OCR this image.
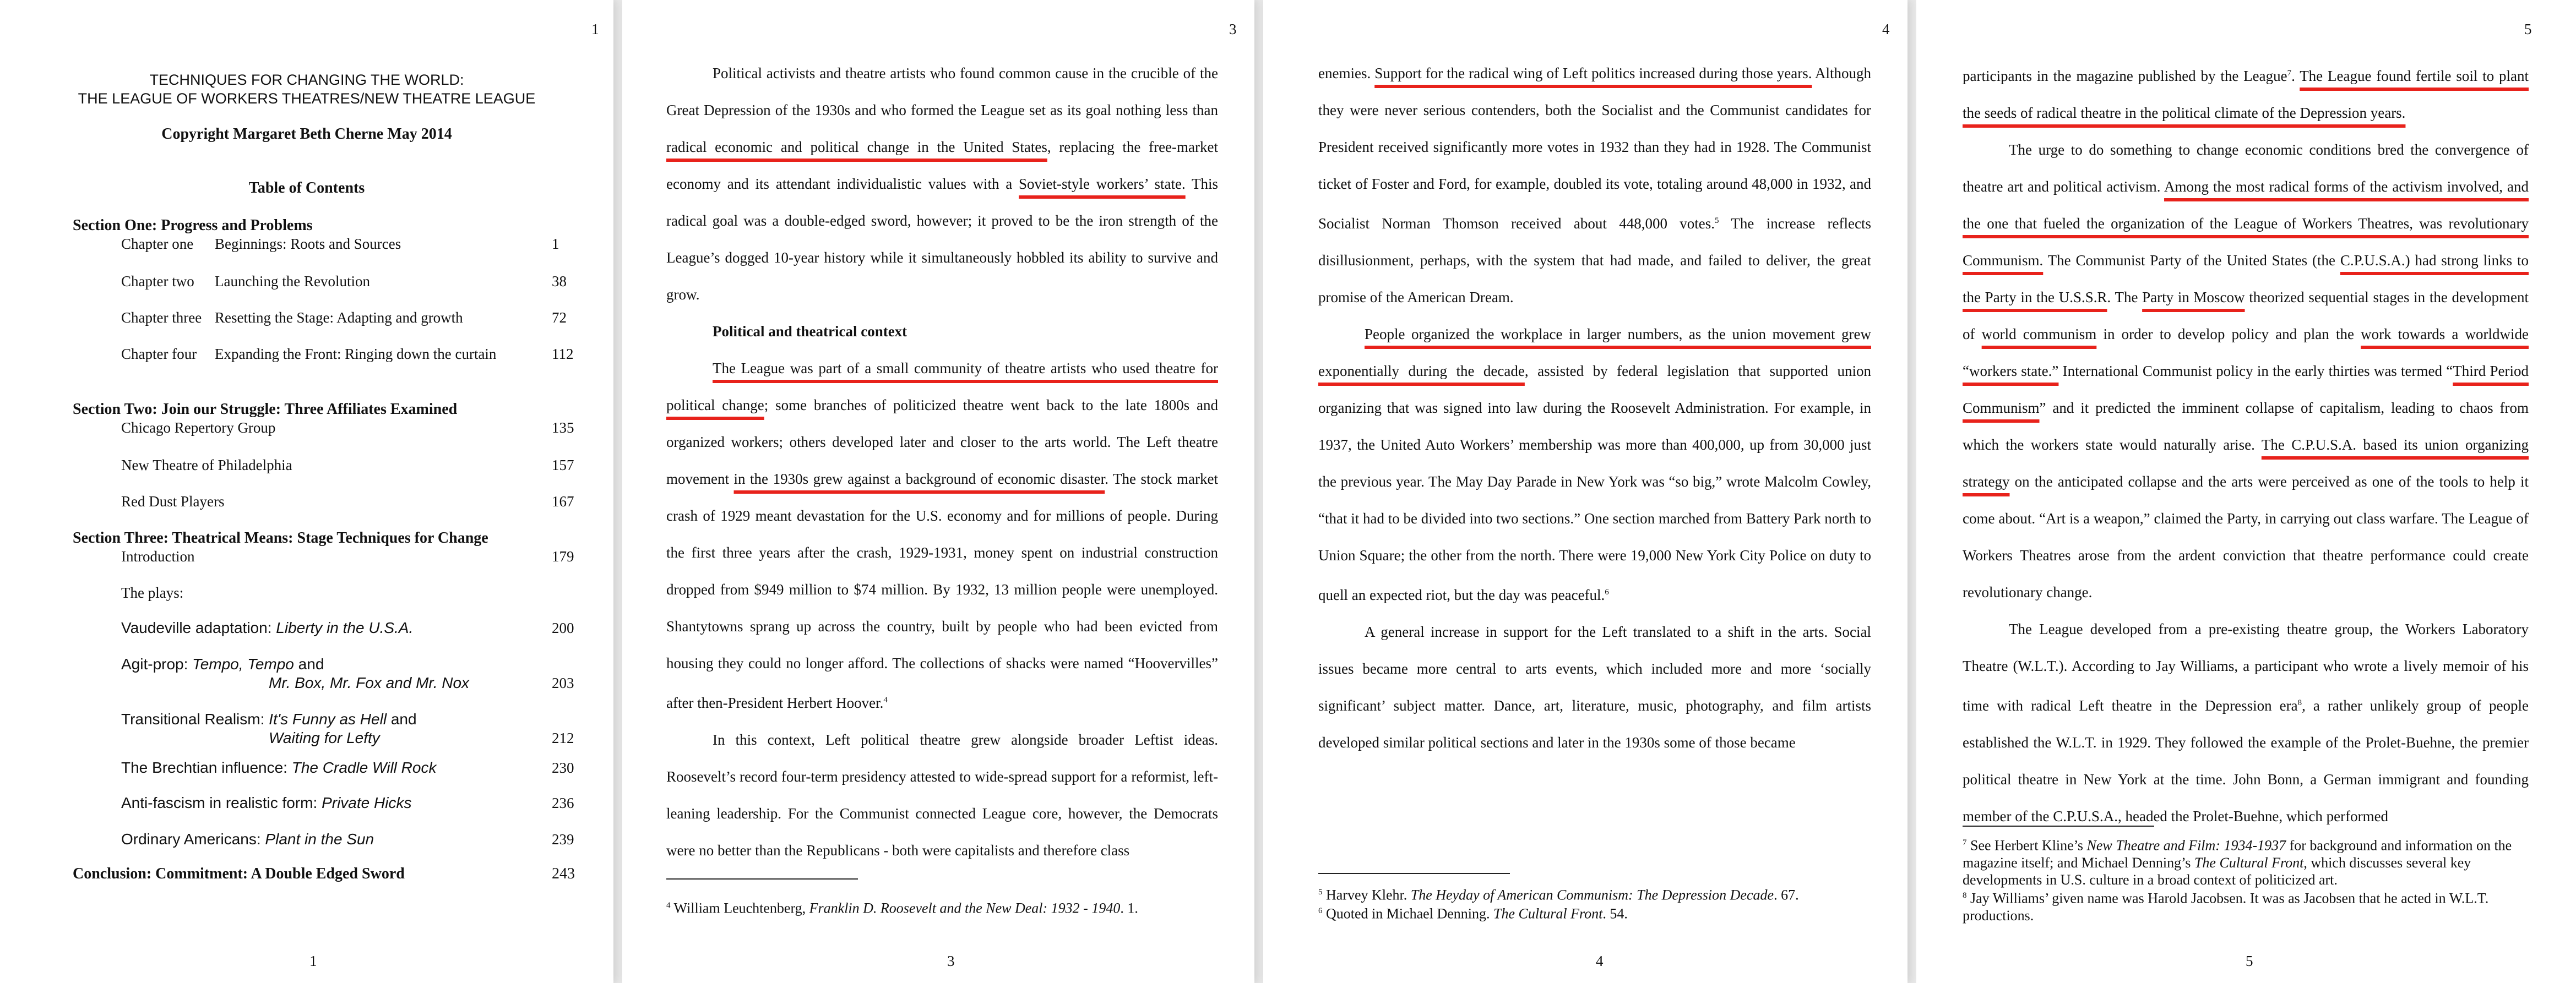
1
TECHNIQUES FOR CHANGING THE WORLD:
THE LEAGUE OF WORKERS THEATRES/NEW THEATRE LEAGUE
Copyright Margaret Beth Cherne May 2014
Table of Contents
Section One: Progress and Problems
Chapter one Beginnings: Roots and Sources	1
Chapter two Launching the Revolution	38
Chapter three Resetting the Stage: Adapting and growth	72
Chapter four Expanding the Front: Ringing down the curtain	112
Section Two: Join our Struggle: Three Affiliates Examined
Chicago Repertory Group	135
New Theatre of Philadelphia	157
Red Dust Players	167
Section Three: Theatrical Means: Stage Techniques for Change
Introduction	179
The plays:
Vaudeville adaptation: Liberty in the U.S.A.	200
Agit-prop: Tempo, Tempo and
Mr. Box, Mr. Fox and Mr. Nox	203
Transitional Realism: It's Funny as Hell and
Waiting for Lefty	212
The Brechtian influence: The Cradle Will Rock	230
Anti-fascism in realistic form: Private Hicks	236
Ordinary Americans: Plant in the Sun	239
Conclusion: Commitment: A Double Edged Sword	243
1
3

Political activists and theatre artists who found common cause in the crucible of the Great Depression of the 1930s and who formed the League set as its goal nothing less than radical economic and political change in the United States, replacing the free-market economy and its attendant individualistic values with a Soviet-style workers’ state. This radical goal was a double-edged sword, however; it proved to be the iron strength of the League’s dogged 10-year history while it simultaneously hobbled its ability to survive and grow.

Political and theatrical context

The League was part of a small community of theatre artists who used theatre for political change; some branches of politicized theatre went back to the late 1800s and organized workers; others developed later and closer to the arts world. The Left theatre movement in the 1930s grew against a background of economic disaster. The stock market crash of 1929 meant devastation for the U.S. economy and for millions of people. During the first three years after the crash, 1929-1931, money spent on industrial construction dropped from $949 million to $74 million. By 1932, 13 million people were unemployed. Shantytowns sprang up across the country, built by people who had been evicted from housing they could no longer afford. The collections of shacks were named “Hoovervilles” after then-President Herbert Hoover.$^4$

In this context, Left political theatre grew alongside broader Leftist ideas. Roosevelt’s record four-term presidency attested to wide-spread support for a reformist, left-leaning leadership. For the Communist connected League core, however, the Democrats were no better than the Republicans - both were capitalists and therefore class

$^4$ William Leuchtenberg, Franklin D. Roosevelt and the New Deal: 1932 - 1940. 1.
3
4

enemies. Support for the radical wing of Left politics increased during those years. Although they were never serious contenders, both the Socialist and the Communist candidates for President received significantly more votes in 1932 than they had in 1928. The Communist ticket of Foster and Ford, for example, doubled its vote, totaling around 48,000 in 1932, and Socialist Norman Thomson received about 448,000 votes.$^5$ The increase reflects disillusionment, perhaps, with the system that had made, and failed to deliver, the great promise of the American Dream.

People organized the workplace in larger numbers, as the union movement grew exponentially during the decade, assisted by federal legislation that supported union organizing that was signed into law during the Roosevelt Administration. For example, in 1937, the United Auto Workers’ membership was more than 400,000, up from 30,000 just the previous year. The May Day Parade in New York was “so big,” wrote Malcolm Cowley, “that it had to be divided into two sections.” One section marched from Battery Park north to Union Square; the other from the north. There were 19,000 New York City Police on duty to quell an expected riot, but the day was peaceful.$^6$

A general increase in support for the Left translated to a shift in the arts. Social issues became more central to arts events, which included more and more ‘socially significant’ subject matter. Dance, art, literature, music, photography, and film artists developed similar political sections and later in the 1930s some of those became

$^5$ Harvey Klehr. The Heyday of American Communism: The Depression Decade. 67.
$^6$ Quoted in Michael Denning. The Cultural Front. 54.
4
5

participants in the magazine published by the League$^7$. The League found fertile soil to plant the seeds of radical theatre in the political climate of the Depression years.

The urge to do something to change economic conditions bred the convergence of theatre art and political activism. Among the most radical forms of the activism involved, and the one that fueled the organization of the League of Workers Theatres, was revolutionary Communism. The Communist Party of the United States (the C.P.U.S.A.) had strong links to the Party in the U.S.S.R. The Party in Moscow theorized sequential stages in the development of world communism in order to develop policy and plan the work towards a worldwide “workers state.” International Communist policy in the early thirties was termed “Third Period Communism” and it predicted the imminent collapse of capitalism, leading to chaos from which the workers state would naturally arise. The C.P.U.S.A. based its union organizing strategy on the anticipated collapse and the arts were perceived as one of the tools to help it come about. “Art is a weapon,” claimed the Party, in carrying out class warfare. The League of Workers Theatres arose from the ardent conviction that theatre performance could create revolutionary change.

The League developed from a pre-existing theatre group, the Workers Laboratory Theatre (W.L.T.). According to Jay Williams, a participant who wrote a lively memoir of his time with radical Left theatre in the Depression era$^8$, a rather unlikely group of people established the W.L.T. in 1929. They followed the example of the Prolet-Buehne, the premier political theatre in New York at the time. John Bonn, a German immigrant and founding member of the C.P.U.S.A., headed the Prolet-Buehne, which performed

$^7$ See Herbert Kline’s New Theatre and Film: 1934-1937 for background and information on the magazine itself; and Michael Denning’s The Cultural Front, which discusses several key developments in U.S. culture in a broad context of politicized art.
$^8$ Jay Williams’ given name was Harold Jacobsen. It was as Jacobsen that he acted in W.L.T. productions.
5
